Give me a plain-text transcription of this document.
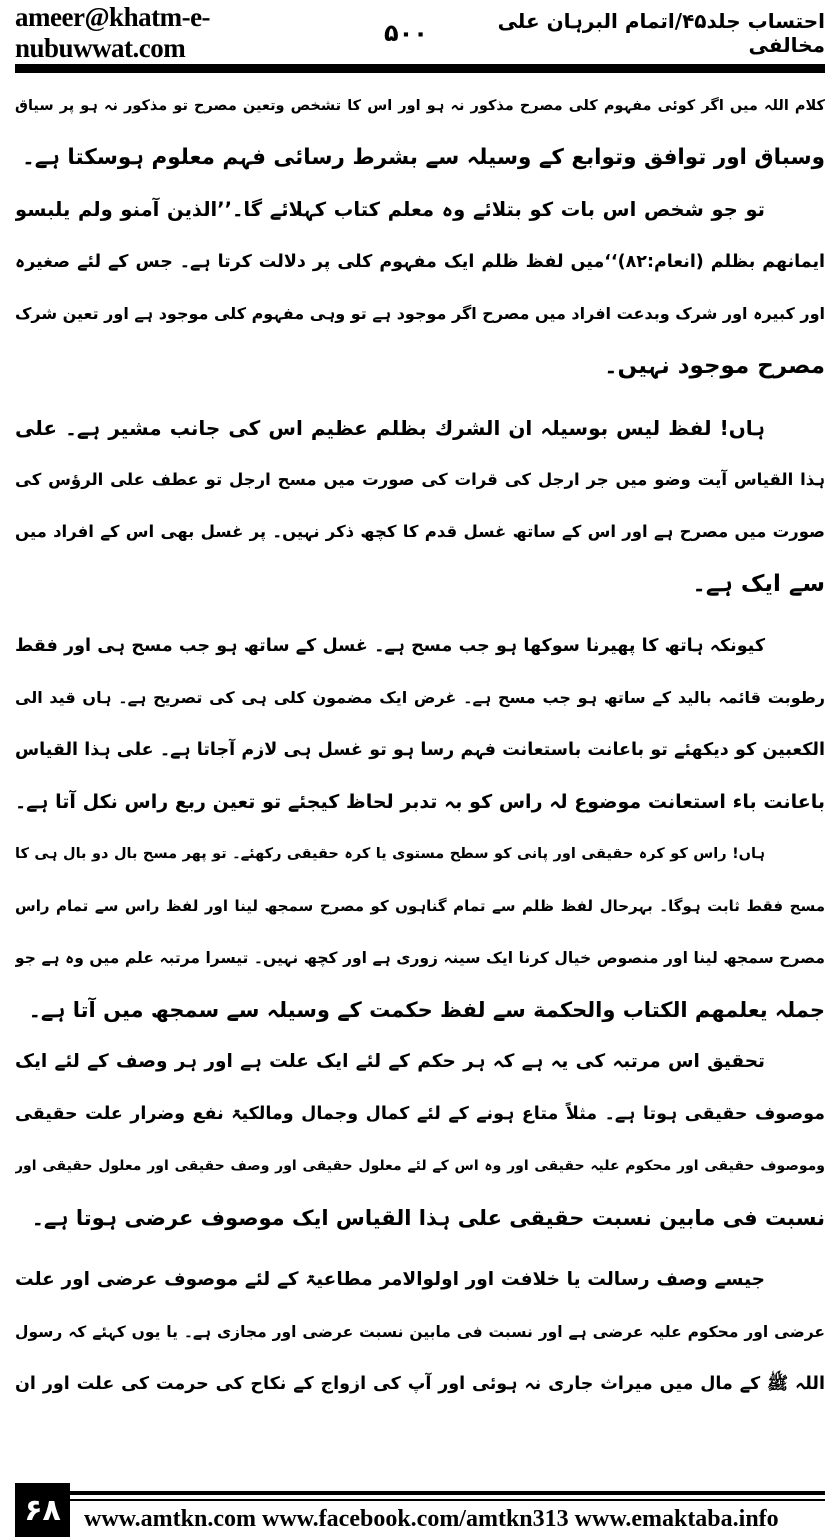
ameer@khatm-e-nubuwwat.com	۵۰۰	احتساب جلد۴۵/اتمام البرہان علی مخالفی
کلام اللہ میں اگر کوئی مفہوم کلی مصرح مذکور نہ ہو اور اس کا تشخص وتعین مصرح تو مذکور نہ ہو پر سیاق
وسباق اور توافق وتوابع کے وسیلہ سے بشرط رسائی فہم معلوم ہوسکتا ہے۔
تو جو شخص اس بات کو بتلائے وہ معلم کتاب کہلائے گا۔’’الذین آمنو ولم یلبسو
ایمانھم بظلم (انعام:۸۲)‘‘میں لفظ ظلم ایک مفہوم کلی پر دلالت کرتا ہے۔ جس کے لئے صغیرہ
اور کبیرہ اور شرک وبدعت افراد میں مصرح اگر موجود ہے تو وہی مفہوم کلی موجود ہے اور تعین شرک
مصرح موجود نہیں۔
ہاں! لفظ لیس بوسیلہ ان الشرك بظلم عظیم اس کی جانب مشیر ہے۔ علی
ہذا القیاس آیت وضو میں جر ارجل کی قرات کی صورت میں مسح ارجل تو عطف علی الرؤس کی
صورت میں مصرح ہے اور اس کے ساتھ غسل قدم کا کچھ ذکر نہیں۔ پر غسل بھی اس کے افراد میں
سے ایک ہے۔
کیونکہ ہاتھ کا پھیرنا سوکھا ہو جب مسح ہے۔ غسل کے ساتھ ہو جب مسح ہی اور فقط
رطوبت قائمہ بالید کے ساتھ ہو جب مسح ہے۔ غرض ایک مضمون کلی ہی کی تصریح ہے۔ ہاں قید الی
الکعبین کو دیکھئے تو باعانت باستعانت فہم رسا ہو تو غسل ہی لازم آجاتا ہے۔ علی ہذا القیاس
باعانت باء استعانت موضوع لہ راس کو بہ تدبر لحاظ کیجئے تو تعین ربع راس نکل آتا ہے۔
ہاں! راس کو کرہ حقیقی اور پانی کو سطح مستوی یا کرہ حقیقی رکھئے۔ تو پھر مسح بال دو بال ہی کا
مسح فقط ثابت ہوگا۔ بہرحال لفظ ظلم سے تمام گناہوں کو مصرح سمجھ لینا اور لفظ راس سے تمام راس
مصرح سمجھ لینا اور منصوص خیال کرنا ایک سینہ زوری ہے اور کچھ نہیں۔ تیسرا مرتبہ علم میں وہ ہے جو
جملہ یعلمھم الکتاب والحکمة سے لفظ حکمت کے وسیلہ سے سمجھ میں آتا ہے۔
تحقیق اس مرتبہ کی یہ ہے کہ ہر حکم کے لئے ایک علت ہے اور ہر وصف کے لئے ایک
موصوف حقیقی ہوتا ہے۔ مثلاً متاع ہونے کے لئے کمال وجمال ومالکیۃ نفع وضرار علت حقیقی
وموصوف حقیقی اور محکوم علیہ حقیقی اور وہ اس کے لئے معلول حقیقی اور وصف حقیقی اور معلول حقیقی اور
نسبت فی مابین نسبت حقیقی علی ہذا القیاس ایک موصوف عرضی ہوتا ہے۔
جیسے وصف رسالت یا خلافت اور اولوالامر مطاعیۃ کے لئے موصوف عرضی اور علت
عرضی اور محکوم علیہ عرضی ہے اور نسبت فی مابین نسبت عرضی اور مجازی ہے۔ یا یوں کہئے کہ رسول
اللہ ﷺ کے مال میں میراث جاری نہ ہوئی اور آپ کی ازواج کے نکاح کی حرمت کی علت اور ان
۶۸ www.amtkn.com www.facebook.com/amtkn313 www.emaktaba.info
